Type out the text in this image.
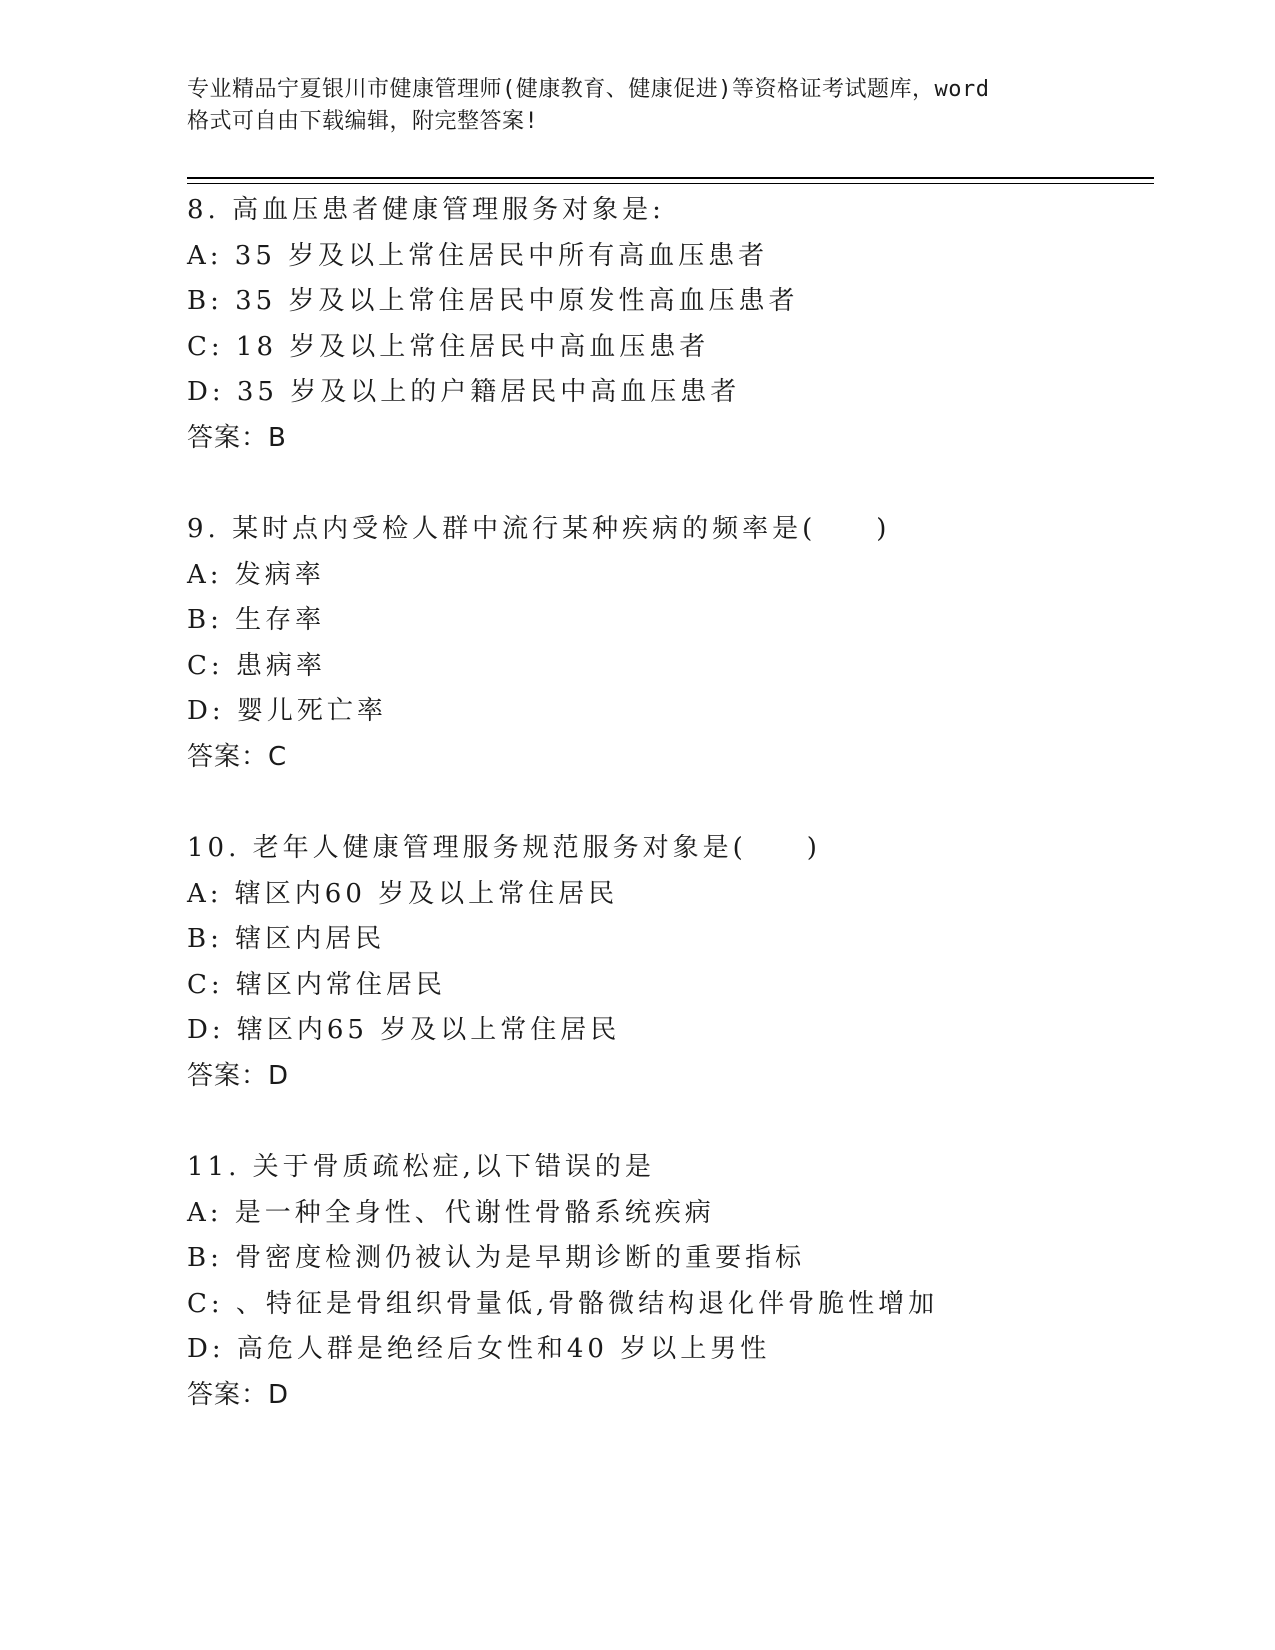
专业精品宁夏银川市健康管理师(健康教育、健康促进)等资格证考试题库，word
格式可自由下载编辑，附完整答案!
8. 高血压患者健康管理服务对象是:
A: 35 岁及以上常住居民中所有高血压患者
B: 35 岁及以上常住居民中原发性高血压患者
C: 18 岁及以上常住居民中高血压患者
D: 35 岁及以上的户籍居民中高血压患者
答案：B
9. 某时点内受检人群中流行某种疾病的频率是(　　)
A: 发病率
B: 生存率
C: 患病率
D: 婴儿死亡率
答案：C
10. 老年人健康管理服务规范服务对象是(　　)
A: 辖区内60 岁及以上常住居民
B: 辖区内居民
C: 辖区内常住居民
D: 辖区内65 岁及以上常住居民
答案：D
11. 关于骨质疏松症,以下错误的是
A: 是一种全身性、代谢性骨骼系统疾病
B: 骨密度检测仍被认为是早期诊断的重要指标
C: 、特征是骨组织骨量低,骨骼微结构退化伴骨脆性增加
D: 高危人群是绝经后女性和40 岁以上男性
答案：D
